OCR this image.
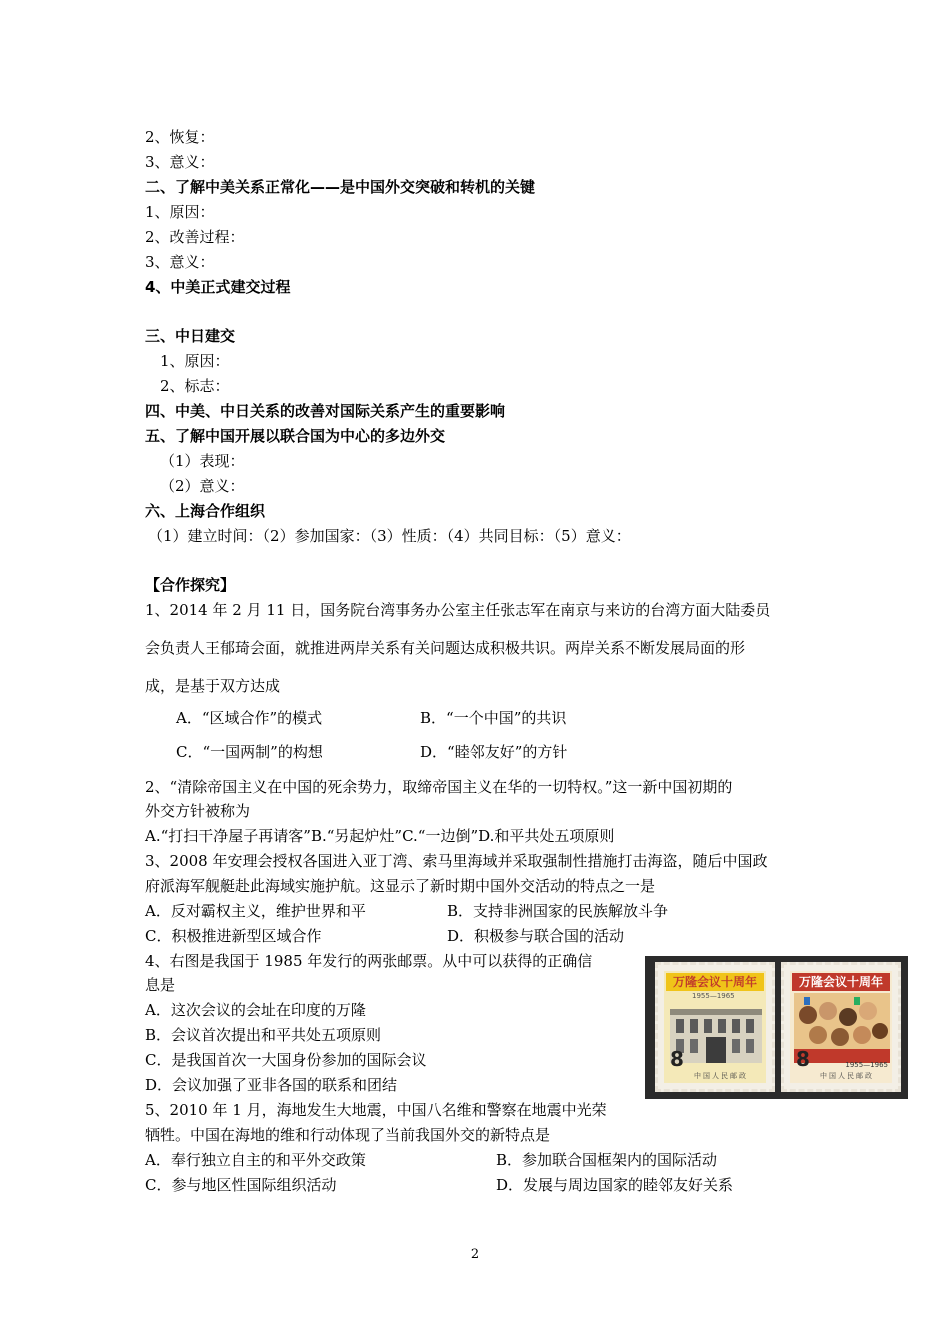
2、恢复：
3、意义：
二、了解中美关系正常化——是中国外交突破和转机的关键
1、原因：
2、改善过程：
3、意义：
4、中美正式建交过程
三、中日建交
1、原因：
2、标志：
四、中美、中日关系的改善对国际关系产生的重要影响
五、了解中国开展以联合国为中心的多边外交
（1）表现：
（2）意义：
六、上海合作组织
（1）建立时间：（2）参加国家：（3）性质：（4）共同目标：（5）意义：
【合作探究】
1、2014 年 2 月 11 日，国务院台湾事务办公室主任张志军在南京与来访的台湾方面大陆委员
会负责人王郁琦会面，就推进两岸关系有关问题达成积极共识。两岸关系不断发展局面的形
成，是基于双方达成
A．“区域合作”的模式	B．“一个中国”的共识
C．“一国两制”的构想	D．“睦邻友好”的方针
2、“清除帝国主义在中国的死余势力，取缔帝国主义在华的一切特权。”这一新中国初期的
外交方针被称为
A.“打扫干净屋子再请客”B.“另起炉灶”C.“一边倒”D.和平共处五项原则
3、2008 年安理会授权各国进入亚丁湾、索马里海域并采取强制性措施打击海盗，随后中国政
府派海军舰艇赴此海域实施护航。这显示了新时期中国外交活动的特点之一是
A．反对霸权主义，维护世界和平	B．支持非洲国家的民族解放斗争
C．积极推进新型区域合作	D．积极参与联合国的活动
4、右图是我国于 1985 年发行的两张邮票。从中可以获得的正确信
息是
A．这次会议的会址在印度的万隆
B．会议首次提出和平共处五项原则
C．是我国首次一大国身份参加的国际会议
D．会议加强了亚非各国的联系和团结
5、2010 年 1 月，海地发生大地震，中国八名维和警察在地震中光荣
牺牲。中国在海地的维和行动体现了当前我国外交的新特点是
A．奉行独立自主的和平外交政策	B．参加联合国框架内的国际活动
C．参与地区性国际组织活动	D．发展与周边国家的睦邻友好关系
万隆会议十周年
1955—1965
8
中国人民邮政
万隆会议十周年
8	1955—1965
中国人民邮政
2
